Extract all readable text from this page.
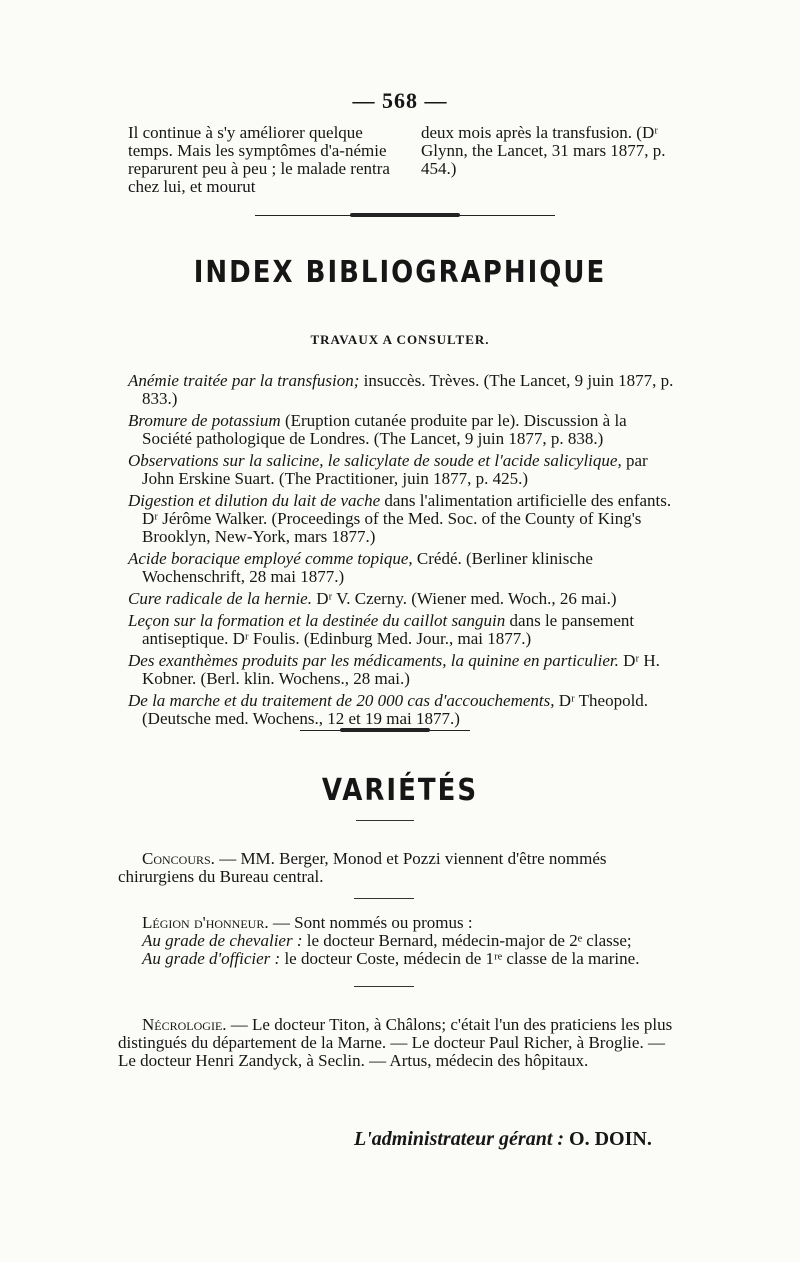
— 568 —

Il continue à s'y améliorer quelque temps. Mais les symptômes d'a-némie reparurent peu à peu ; le malade rentra chez lui, et mourut

deux mois après la transfusion. (Dʳ Glynn, the Lancet, 31 mars 1877, p. 454.)

INDEX BIBLIOGRAPHIQUE
TRAVAUX A CONSULTER.

Anémie traitée par la transfusion; insuccès. Trèves. (The Lancet, 9 juin 1877, p. 833.)

Bromure de potassium (Eruption cutanée produite par le). Discussion à la Société pathologique de Londres. (The Lancet, 9 juin 1877, p. 838.)

Observations sur la salicine, le salicylate de soude et l'acide salicylique, par John Erskine Suart. (The Practitioner, juin 1877, p. 425.)

Digestion et dilution du lait de vache dans l'alimentation artificielle des enfants. Dʳ Jérôme Walker. (Proceedings of the Med. Soc. of the County of King's Brooklyn, New-York, mars 1877.)

Acide boracique employé comme topique, Crédé. (Berliner klinische Wochenschrift, 28 mai 1877.)

Cure radicale de la hernie. Dʳ V. Czerny. (Wiener med. Woch., 26 mai.)

Leçon sur la formation et la destinée du caillot sanguin dans le pansement antiseptique. Dʳ Foulis. (Edinburg Med. Jour., mai 1877.)

Des exanthèmes produits par les médicaments, la quinine en particulier. Dʳ H. Kobner. (Berl. klin. Wochens., 28 mai.)

De la marche et du traitement de 20 000 cas d'accouchements, Dʳ Theopold. (Deutsche med. Wochens., 12 et 19 mai 1877.)

VARIÉTÉS

Concours. — MM. Berger, Monod et Pozzi viennent d'être nommés chirurgiens du Bureau central.

Légion d'honneur. — Sont nommés ou promus :

Au grade de chevalier : le docteur Bernard, médecin-major de 2ᵉ classe;

Au grade d'officier : le docteur Coste, médecin de 1ʳᵉ classe de la marine.

Nécrologie. — Le docteur Titon, à Châlons; c'était l'un des praticiens les plus distingués du département de la Marne. — Le docteur Paul Richer, à Broglie. — Le docteur Henri Zandyck, à Seclin. — Artus, médecin des hôpitaux.

L'administrateur gérant : O. DOIN.
